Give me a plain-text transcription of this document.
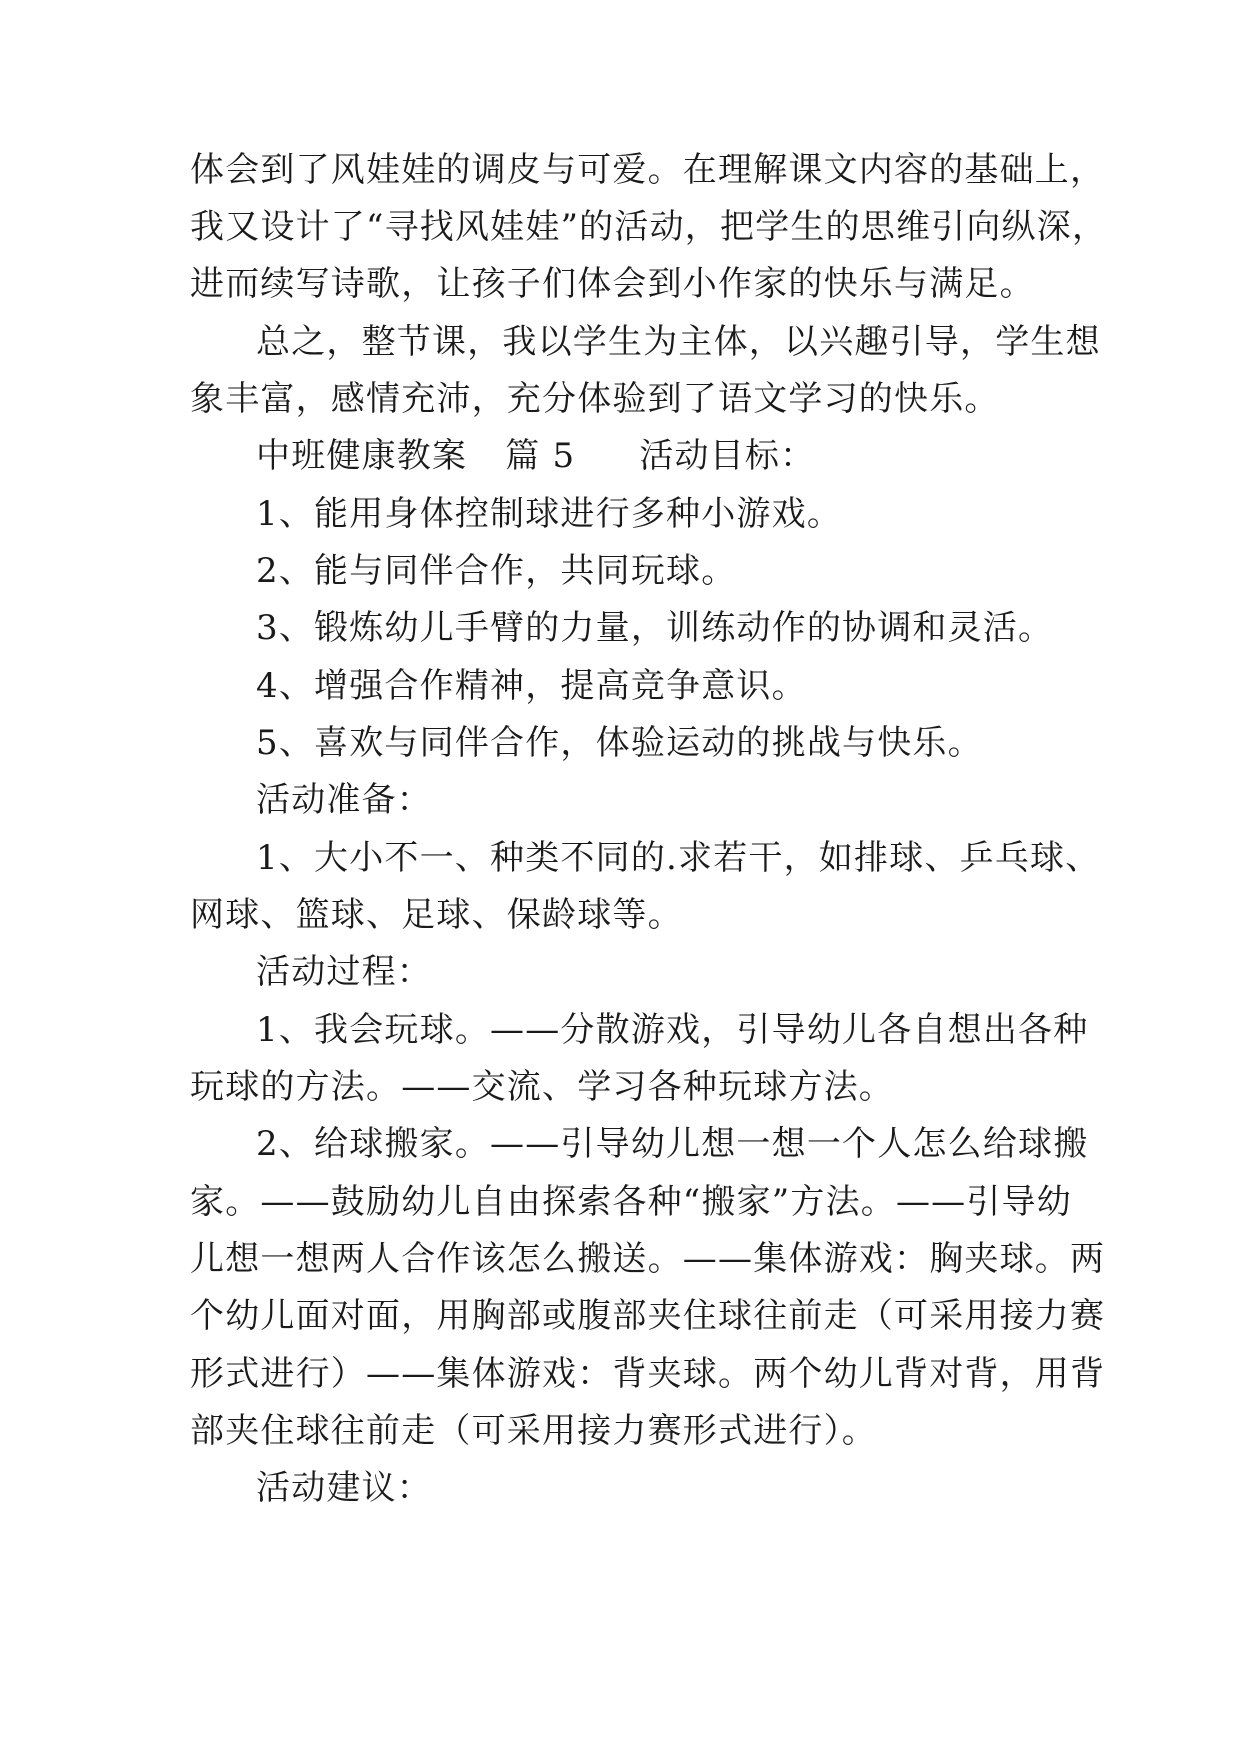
体会到了风娃娃的调皮与可爱。在理解课文内容的基础上，
我又设计了“寻找风娃娃”的活动，把学生的思维引向纵深，
进而续写诗歌，让孩子们体会到小作家的快乐与满足。
总之，整节课，我以学生为主体，以兴趣引导，学生想
象丰富，感情充沛，充分体验到了语文学习的快乐。
中班健康教案 篇 5 活动目标：
1、能用身体控制球进行多种小游戏。
2、能与同伴合作，共同玩球。
3、锻炼幼儿手臂的力量，训练动作的协调和灵活。
4、增强合作精神，提高竞争意识。
5、喜欢与同伴合作，体验运动的挑战与快乐。
活动准备：
1、大小不一、种类不同的.求若干，如排球、乒乓球、
网球、篮球、足球、保龄球等。
活动过程：
1、我会玩球。——分散游戏，引导幼儿各自想出各种
玩球的方法。——交流、学习各种玩球方法。
2、给球搬家。——引导幼儿想一想一个人怎么给球搬
家。——鼓励幼儿自由探索各种“搬家”方法。——引导幼
儿想一想两人合作该怎么搬送。——集体游戏：胸夹球。两
个幼儿面对面，用胸部或腹部夹住球往前走（可采用接力赛
形式进行）——集体游戏：背夹球。两个幼儿背对背，用背
部夹住球往前走（可采用接力赛形式进行）。
活动建议：
